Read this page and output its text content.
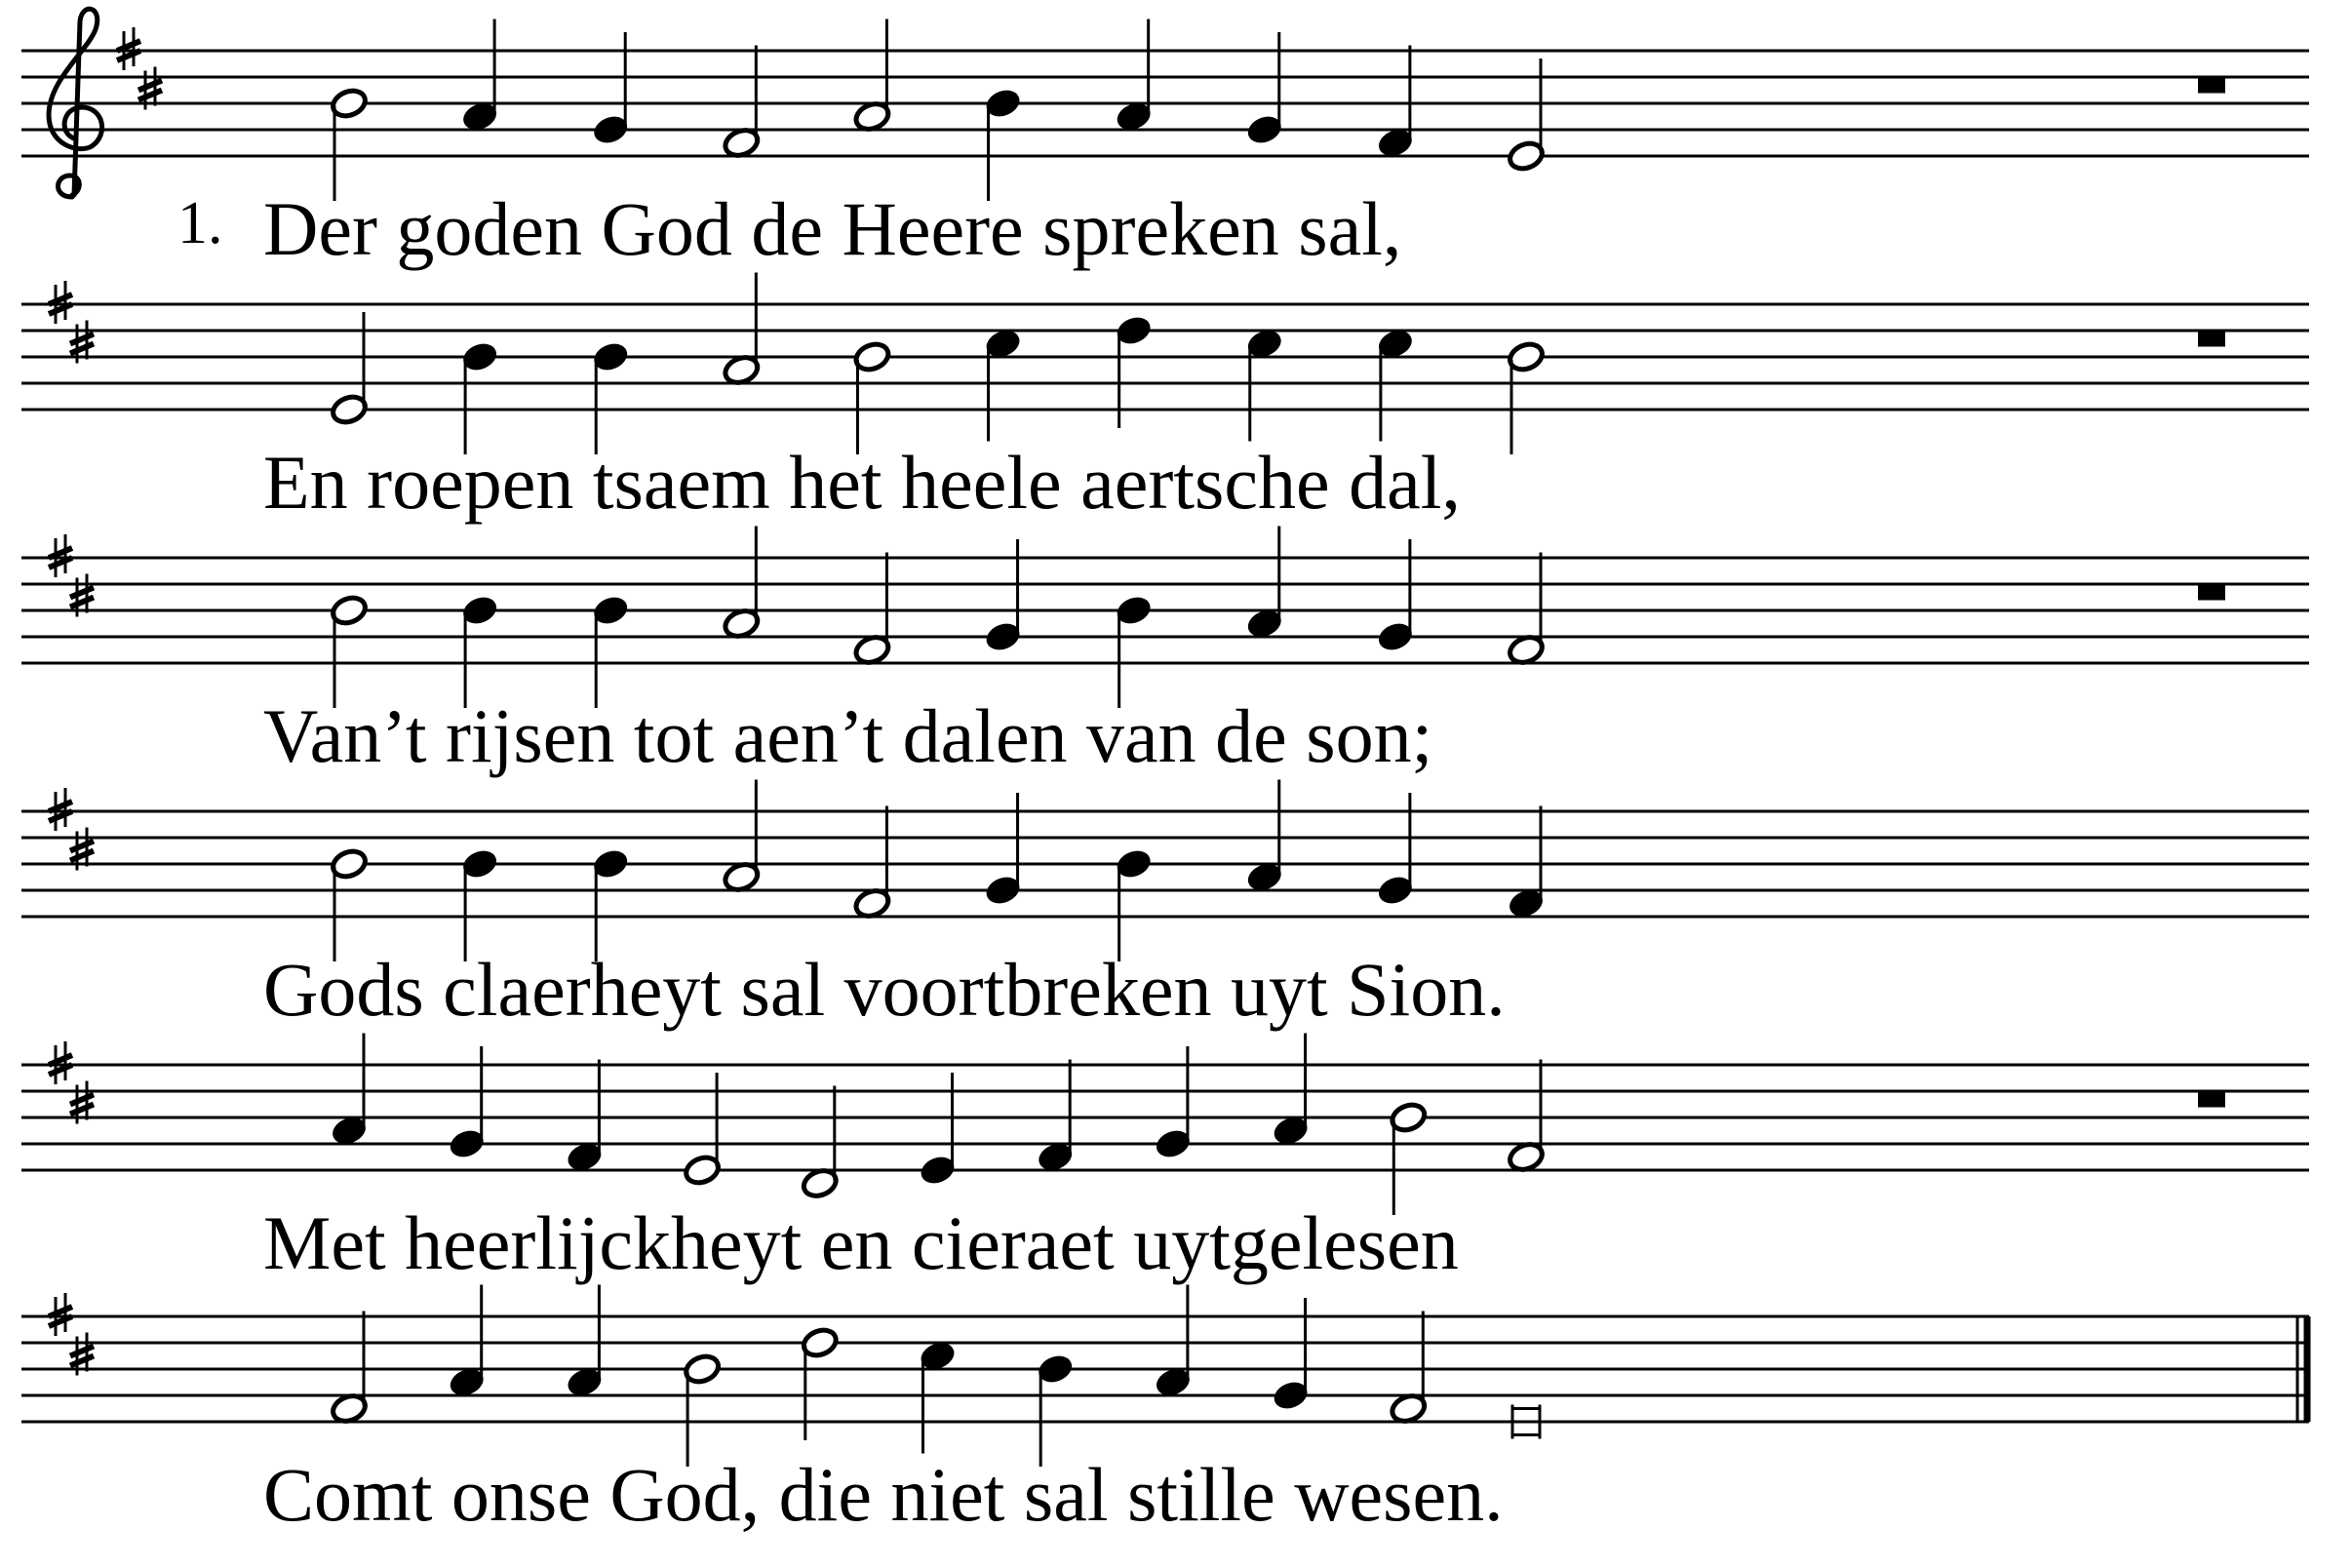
1. Der goden God de Heere spreken sal,
En roepen tsaem het heele aertsche dal,
Van’t rijsen tot aen’t dalen van de son;
Gods claerheyt sal voortbreken uyt Sion.
Met heerlijckheyt en cieraet uytgelesen
Comt onse God, die niet sal stille wesen.
